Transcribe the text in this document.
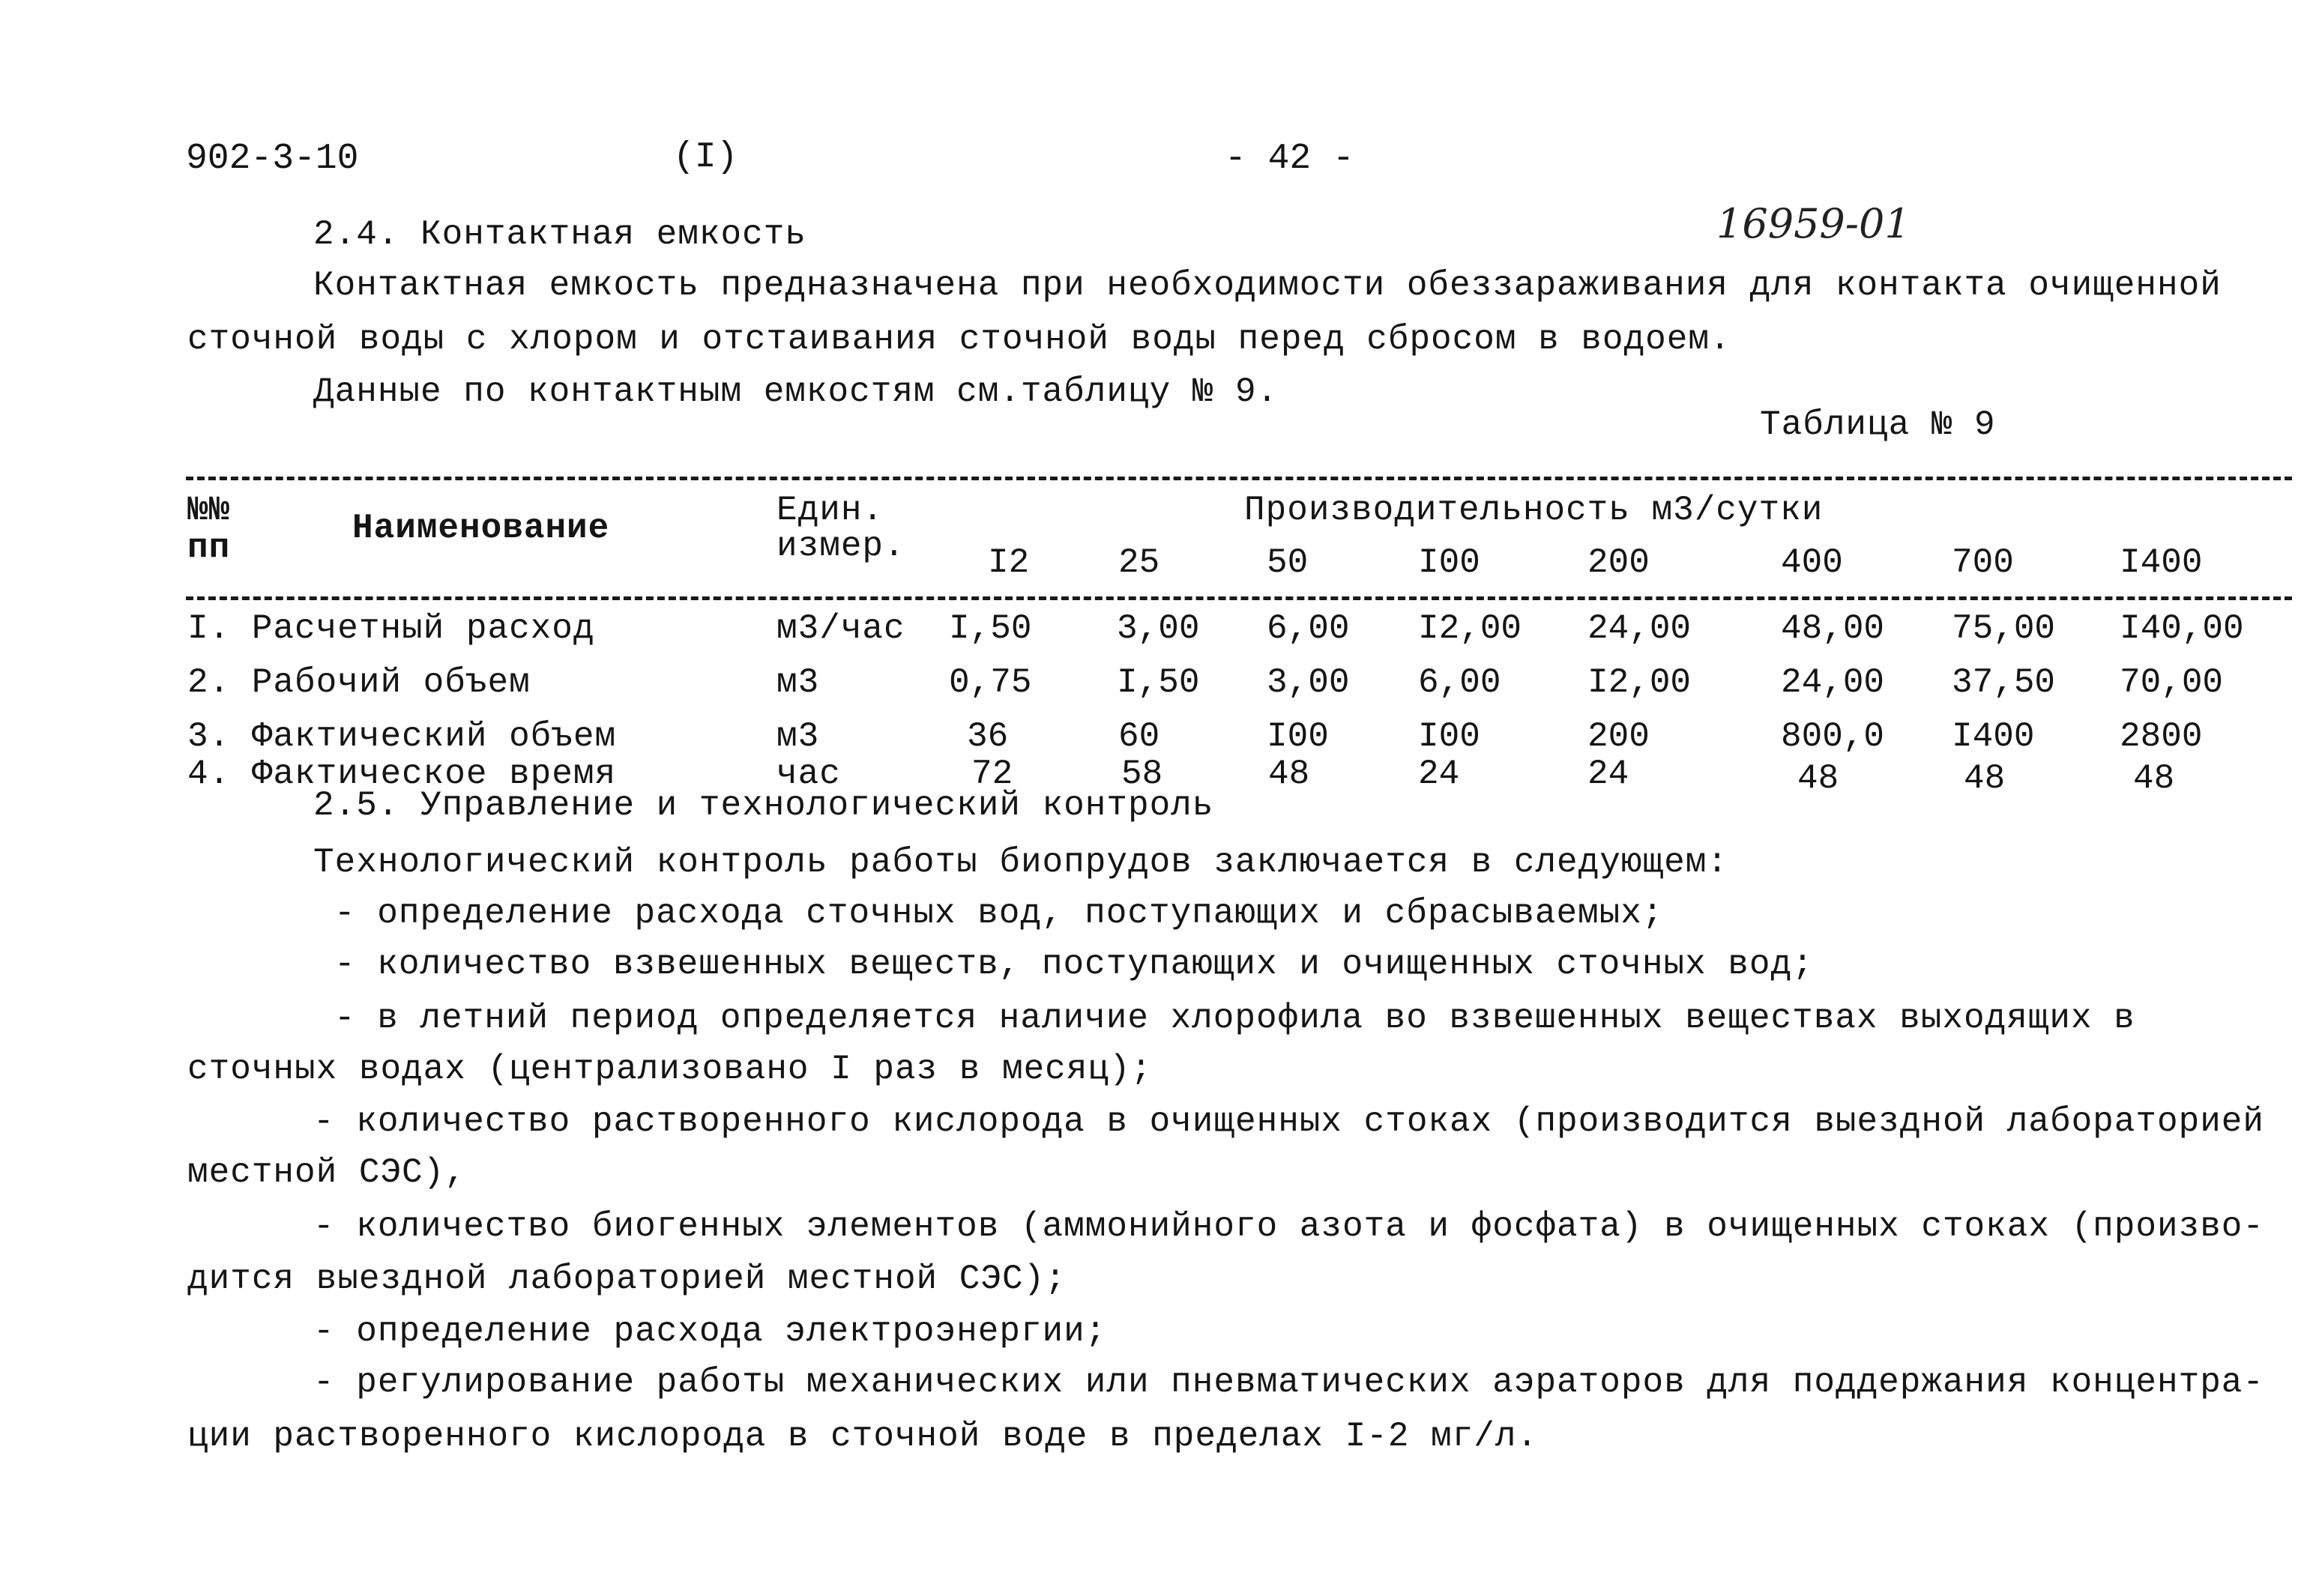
902-3-10	(I)	- 42 -
16959-01
2.4. Контактная емкость
Контактная емкость предназначена при необходимости обеззараживания для контакта очищенной
сточной воды с хлором и отстаивания сточной воды перед сбросом в водоем.
Данные по контактным емкостям см.таблицу № 9.
Таблица № 9
№№
пп	Наименование	Един.
измер.
Производительность м3/сутки
I2	25	50	I00	200	400	700	I400
I. Расчетный расход	м3/час I,50 3,00 6,00 I2,00 24,00	48,00 75,00 I40,00
2. Рабочий объем	м3	0,75 I,50 3,00 6,00	I2,00	24,00 37,50 70,00
3. Фактический объем	м3	36	60	I00	I00	200	800,0 I400 2800
4. Фактическое время	час	72	58	48	24	24	48	48	48
2.5. Управление и технологический контроль
Технологический контроль работы биопрудов заключается в следующем:
- определение расхода сточных вод, поступающих и сбрасываемых;
- количество взвешенных веществ, поступающих и очищенных сточных вод;
- в летний период определяется наличие хлорофила во взвешенных веществах выходящих в
сточных водах (централизовано I раз в месяц);
- количество растворенного кислорода в очищенных стоках (производится выездной лабораторией
местной СЭС),
- количество биогенных элементов (аммонийного азота и фосфата) в очищенных стоках (произво-
дится выездной лабораторией местной СЭС);
- определение расхода электроэнергии;
- регулирование работы механических или пневматических аэраторов для поддержания концентра-
ции растворенного кислорода в сточной воде в пределах I-2 мг/л.
